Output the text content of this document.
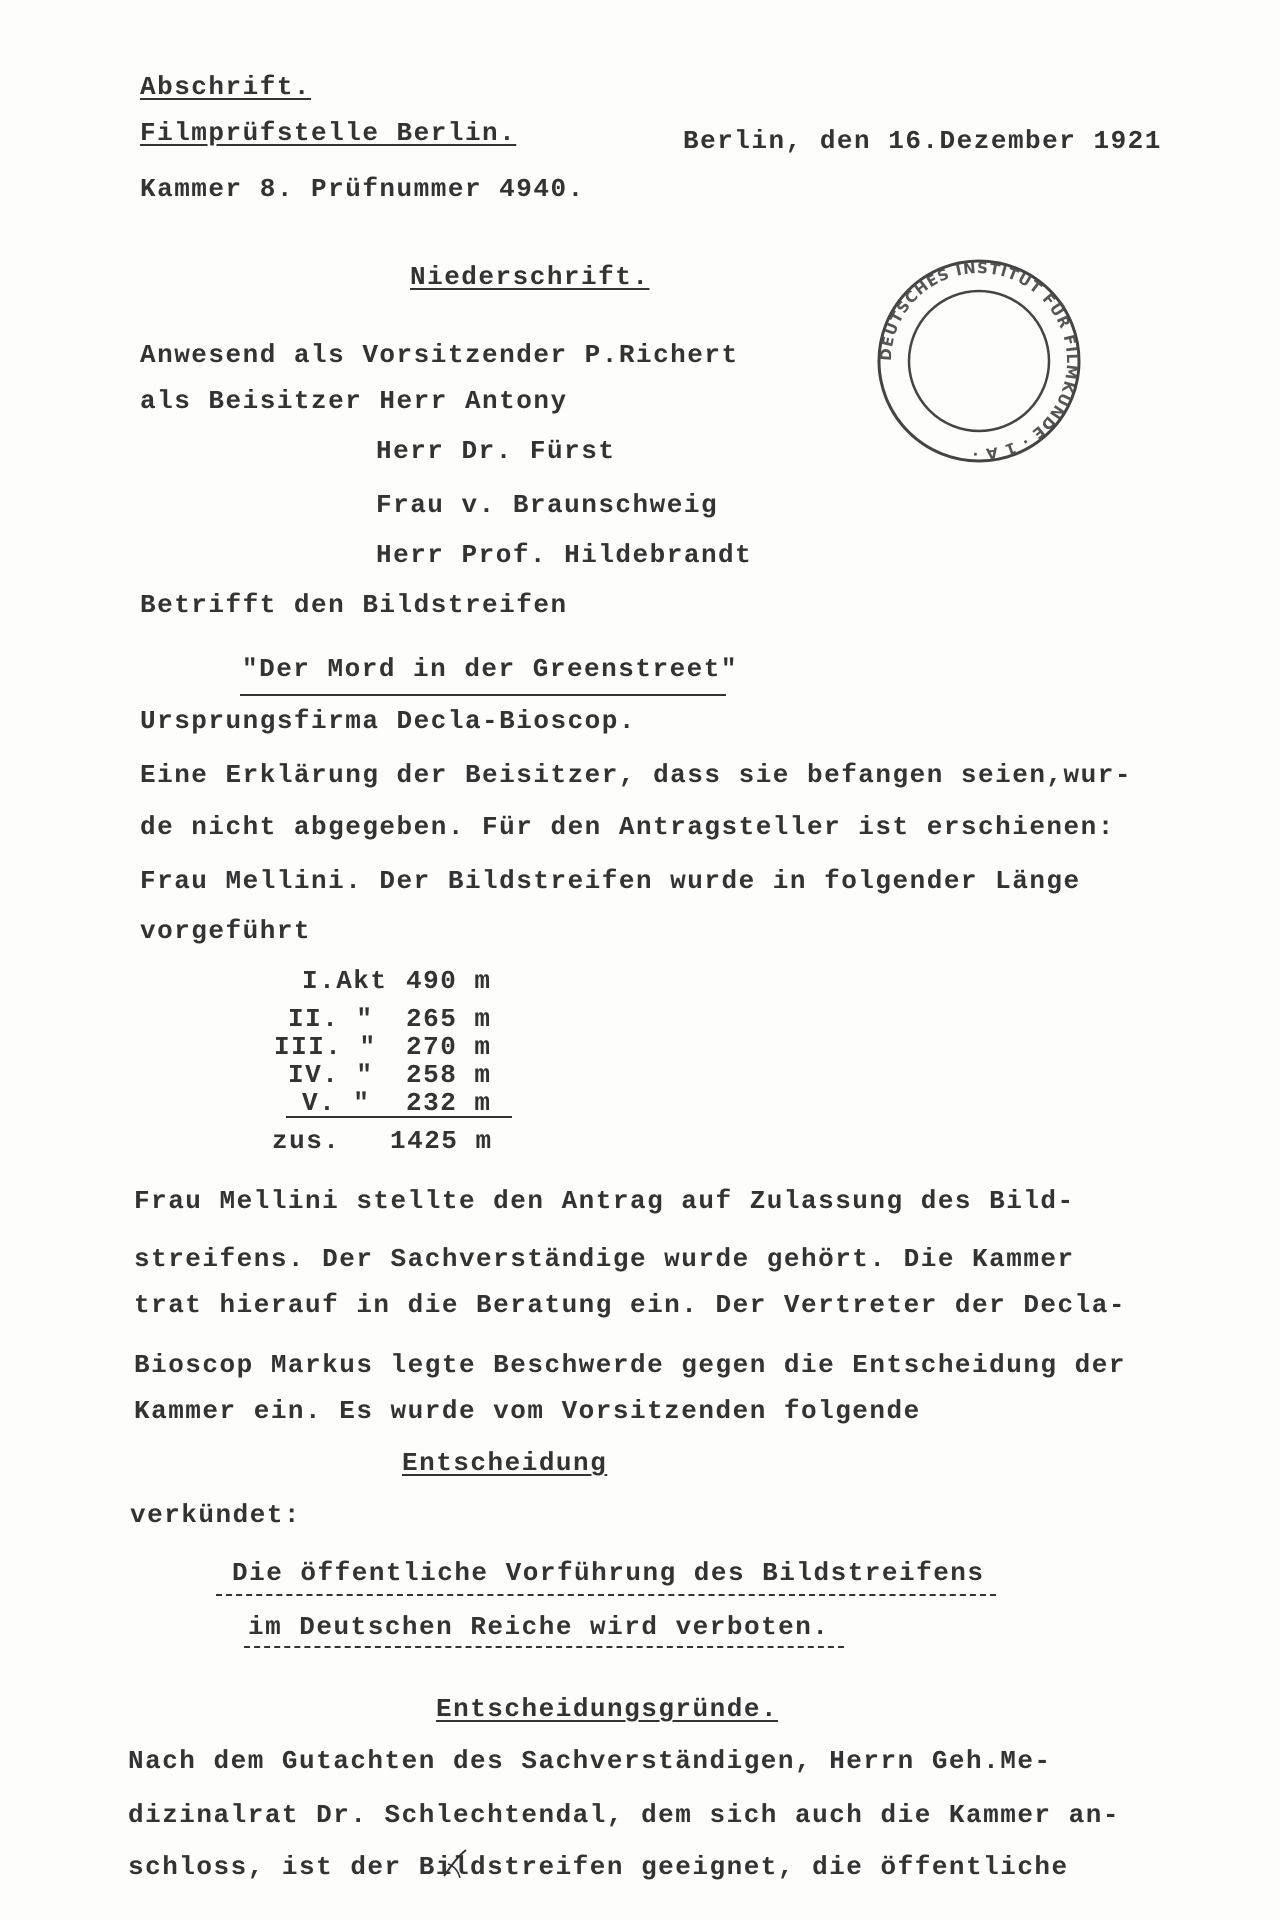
Abschrift.
Filmprüfstelle Berlin.	Berlin, den 16.Dezember 1921
Kammer 8. Prüfnummer 4940.
DEUTSCHES INSTITUT FÜR FILMKUNDE · 1 A ·
Niederschrift.
Anwesend als Vorsitzender P.Richert
als Beisitzer Herr Antony
Herr Dr. Fürst
Frau v. Braunschweig
Herr Prof. Hildebrandt
Betrifft den Bildstreifen
"Der Mord in der Greenstreet"
Ursprungsfirma Decla-Bioscop.
Eine Erklärung der Beisitzer, dass sie befangen seien,wur-
de nicht abgegeben. Für den Antragsteller ist erschienen:
Frau Mellini. Der Bildstreifen wurde in folgender Länge
vorgeführt
I.Akt 490 m
II. " 265 m
III. " 270 m
IV. " 258 m
V. " 232 m
zus. 1425 m
Frau Mellini stellte den Antrag auf Zulassung des Bild-
streifens. Der Sachverständige wurde gehört. Die Kammer
trat hierauf in die Beratung ein. Der Vertreter der Decla-
Bioscop Markus legte Beschwerde gegen die Entscheidung der
Kammer ein. Es wurde vom Vorsitzenden folgende
Entscheidung
verkündet:
Die öffentliche Vorführung des Bildstreifens
im Deutschen Reiche wird verboten.
Entscheidungsgründe.
Nach dem Gutachten des Sachverständigen, Herrn Geh.Me-
dizinalrat Dr. Schlechtendal, dem sich auch die Kammer an-
schloss, ist der Bildstreifen geeignet, die öffentliche
